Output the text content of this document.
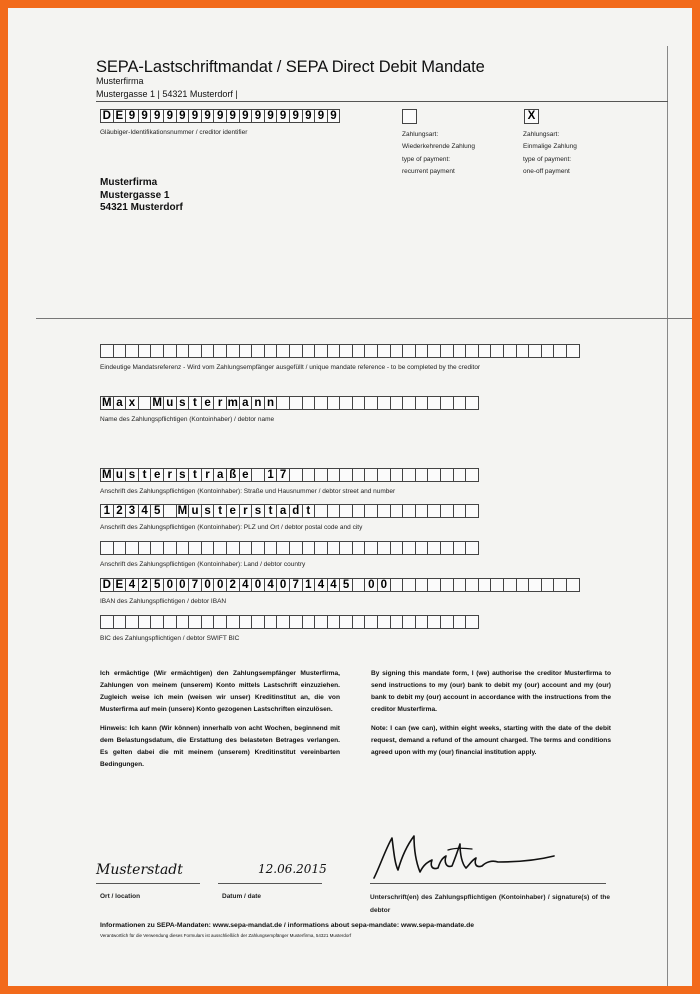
SEPA-Lastschriftmandat / SEPA Direct Debit Mandate
Musterfirma
Mustergasse 1 | 54321 Musterdorf |
D E 9 9 9 9 9 9 9 9 9 9 9 9 9 9 9 9 9
Gläubiger-Identifikationsnummer / creditor identifier	Zahlungsart:
Wiederkehrende Zahlung
type of payment:
recurrent payment
X
Zahlungsart:
Einmalige Zahlung
type of payment:
one-off payment
Musterfirma
Mustergasse 1
54321 Musterdorf
Eindeutige Mandatsreferenz - Wird vom Zahlungsempfänger ausgefüllt / unique mandate reference - to be completed by the creditor
M a x	M u s t e r m a n n
Name des Zahlungspflichtigen (Kontoinhaber) / debtor name
M u s t e r s t r a ß e	1 7
Anschrift des Zahlungspflichtigen (Kontoinhaber): Straße und Hausnummer / debtor street and number
1 2 3 4 5	M u s t e r s t a d t
Anschrift des Zahlungspflichtigen (Kontoinhaber): PLZ und Ort / debtor postal code and city
Anschrift des Zahlungspflichtigen (Kontoinhaber): Land / debtor country
D E 4 2 5 0 0 7 0 0 2 4 0 4 0 7 1 4 4 5	0 0
IBAN des Zahlungspflichtigen / debtor IBAN
BIC des Zahlungspflichtigen / debtor SWIFT BIC

Ich ermächtige (Wir ermächtigen) den Zahlungsempfänger Musterfirma, Zahlungen von meinem (unserem) Konto mittels Lastschrift einzuziehen. Zugleich weise ich mein (weisen wir unser) Kreditinstitut an, die von Musterfirma auf mein (unsere) Konto gezogenen Lastschriften einzulösen.

Hinweis: Ich kann (Wir können) innerhalb von acht Wochen, beginnend mit dem Belastungsdatum, die Erstattung des belasteten Betrages verlangen. Es gelten dabei die mit meinem (unserem) Kreditinstitut vereinbarten Bedingungen.

By signing this mandate form, I (we) authorise the creditor Musterfirma to send instructions to my (our) bank to debit my (our) account and my (our) bank to debit my (our) account in accordance with the instructions from the creditor Musterfirma.

Note: I can (we can), within eight weeks, starting with the date of the debit request, demand a refund of the amount charged. The terms and conditions agreed upon with my (our) financial institution apply.

Musterstadt	12.06.2015
Ort / location	Datum / date	Unterschrift(en) des Zahlungspflichtigen (Kontoinhaber) / signature(s) of the debtor
Informationen zu SEPA-Mandaten: www.sepa-mandat.de / informations about sepa-mandate: www.sepa-mandate.de
Verantwortlich für die Verwendung dieses Formulars ist ausschließlich der Zahlungsempfänger Musterfirma, 54321 Musterdorf
